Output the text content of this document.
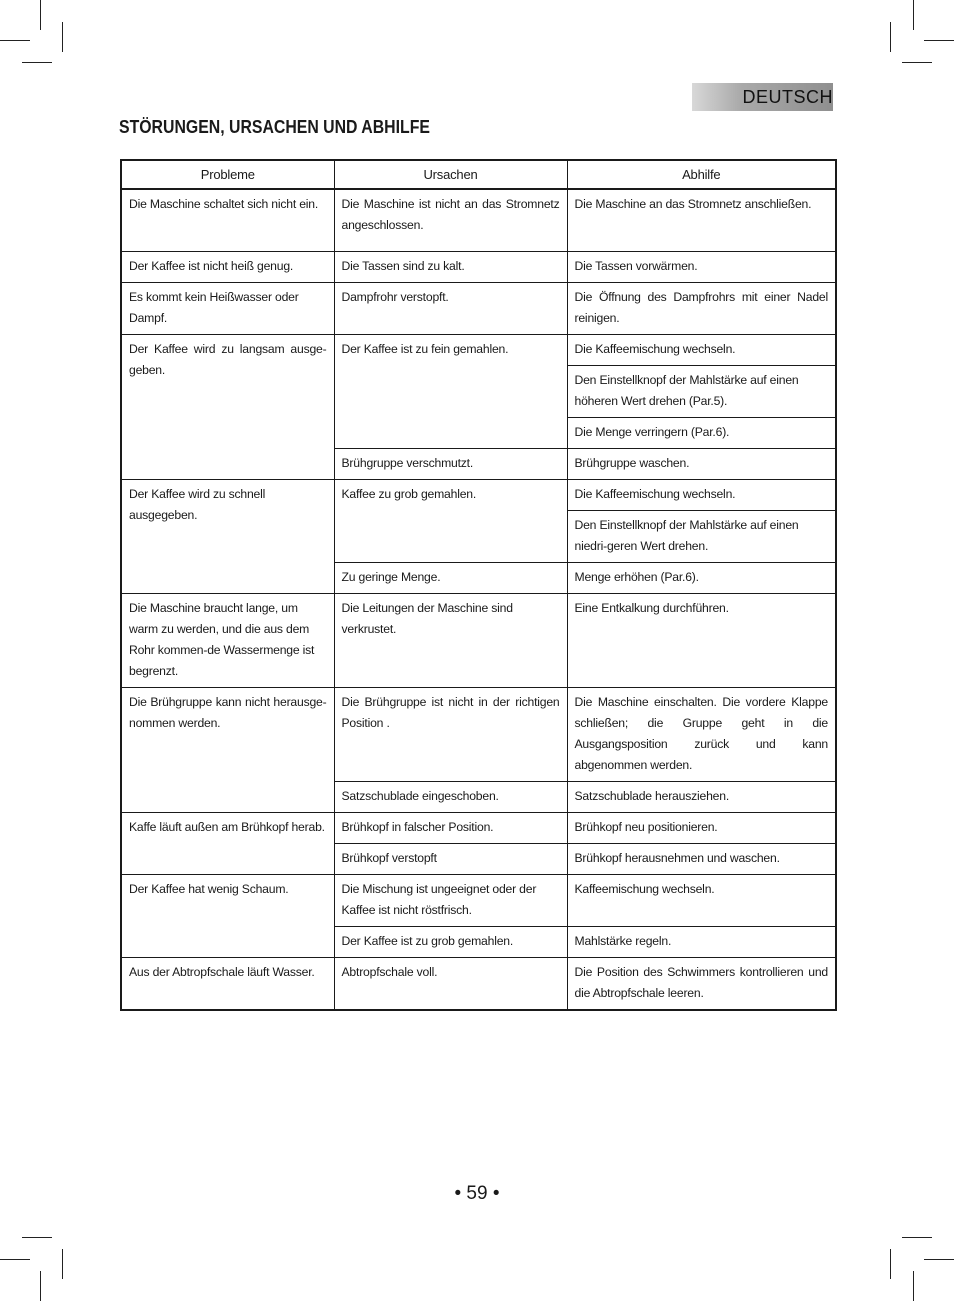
DEUTSCH
STÖRUNGEN, URSACHEN UND ABHILFE
Probleme	Ursachen	Abhilfe
Die Maschine schaltet sich nicht ein.	Die Maschine ist nicht an das Stromnetz angeschlossen.	Die Maschine an das Stromnetz anschließen.
Der Kaffee ist nicht heiß genug.	Die Tassen sind zu kalt.	Die Tassen vorwärmen.
Es kommt kein Heißwasser oder Dampf.	Dampfrohr verstopft.	Die Öffnung des Dampfrohrs mit einer Nadel reinigen.
Der Kaffee wird zu langsam ausge-geben.	Der Kaffee ist zu fein gemahlen.	Die Kaffeemischung wechseln.
		Den Einstellknopf der Mahlstärke auf einen höheren Wert drehen (Par.5).
		Die Menge verringern (Par.6).
	Brühgruppe verschmutzt.	Brühgruppe waschen.
Der Kaffee wird zu schnell ausgegeben.	Kaffee zu grob gemahlen.	Die Kaffeemischung wechseln.
		Den Einstellknopf der Mahlstärke auf einen niedri-geren Wert drehen.
	Zu geringe Menge.	Menge erhöhen (Par.6).
Die Maschine braucht lange, um warm zu werden, und die aus dem Rohr kommen-de Wassermenge ist begrenzt.	Die Leitungen der Maschine sind verkrustet.	Eine Entkalkung durchführen.
Die Brühgruppe kann nicht herausge-nommen werden.	Die Brühgruppe ist nicht in der richtigen Position .	Die Maschine einschalten. Die vordere Klappe schließen; die Gruppe geht in die Ausgangsposition zurück und kann abgenommen werden.
	Satzschublade eingeschoben.	Satzschublade herausziehen.
Kaffe läuft außen am Brühkopf herab.	Brühkopf in falscher Position.	Brühkopf neu positionieren.
	Brühkopf verstopft	Brühkopf herausnehmen und waschen.
Der Kaffee hat wenig Schaum.	Die Mischung ist ungeeignet oder der Kaffee ist nicht röstfrisch.	Kaffeemischung wechseln.
	Der Kaffee ist zu grob gemahlen.	Mahlstärke regeln.
Aus der Abtropfschale läuft Wasser.	Abtropfschale voll.	Die Position des Schwimmers kontrollieren und die Abtropfschale leeren.
• 59 •
